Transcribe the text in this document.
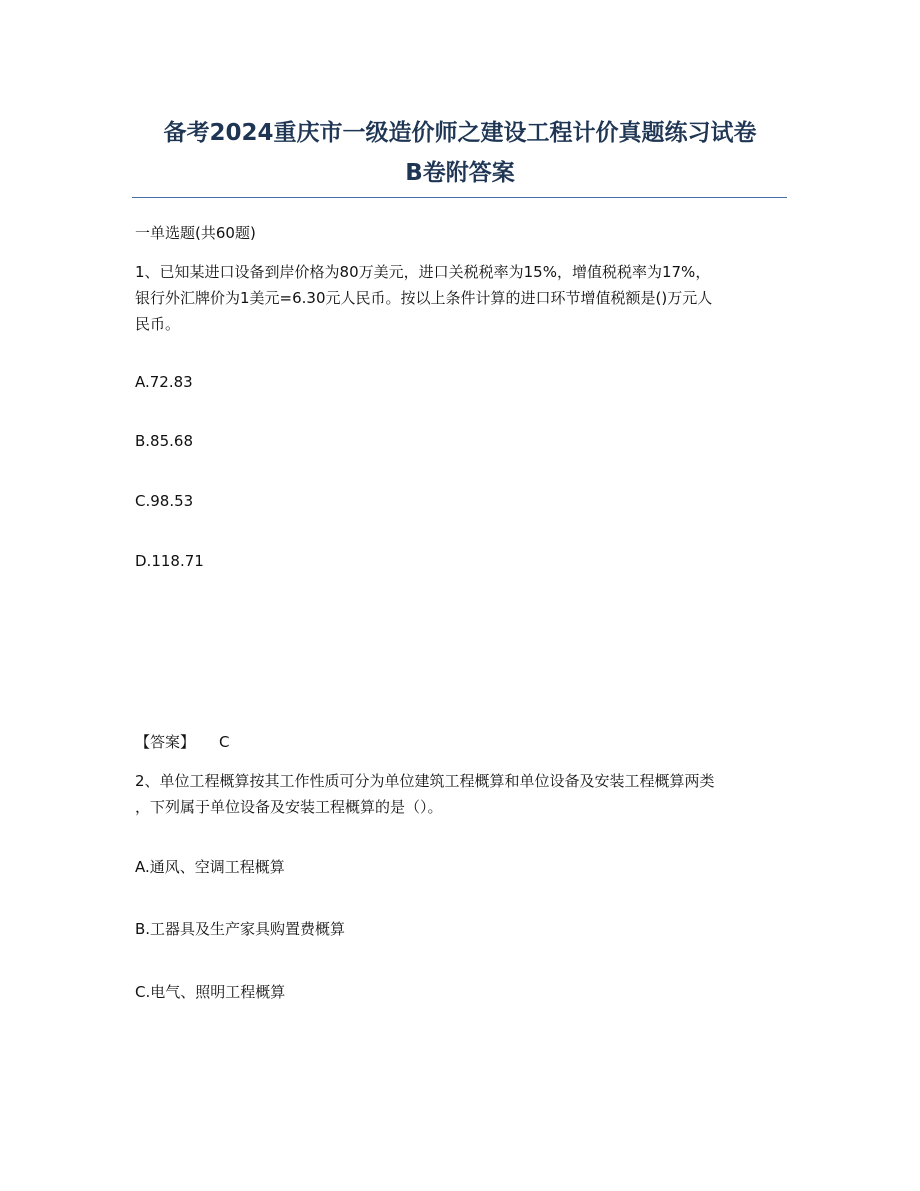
备考2024重庆市一级造价师之建设工程计价真题练习试卷
B卷附答案
一单选题(共60题)

1、已知某进口设备到岸价格为80万美元，进口关税税率为15%，增值税税率为17%，

银行外汇牌价为1美元=6.30元人民币。按以上条件计算的进口环节增值税额是()万元人

民币。

A.72.83
B.85.68
C.98.53
D.118.71
【答案】 C

2、单位工程概算按其工作性质可分为单位建筑工程概算和单位设备及安装工程概算两类

，下列属于单位设备及安装工程概算的是（）。

A.通风、空调工程概算
B.工器具及生产家具购置费概算
C.电气、照明工程概算
